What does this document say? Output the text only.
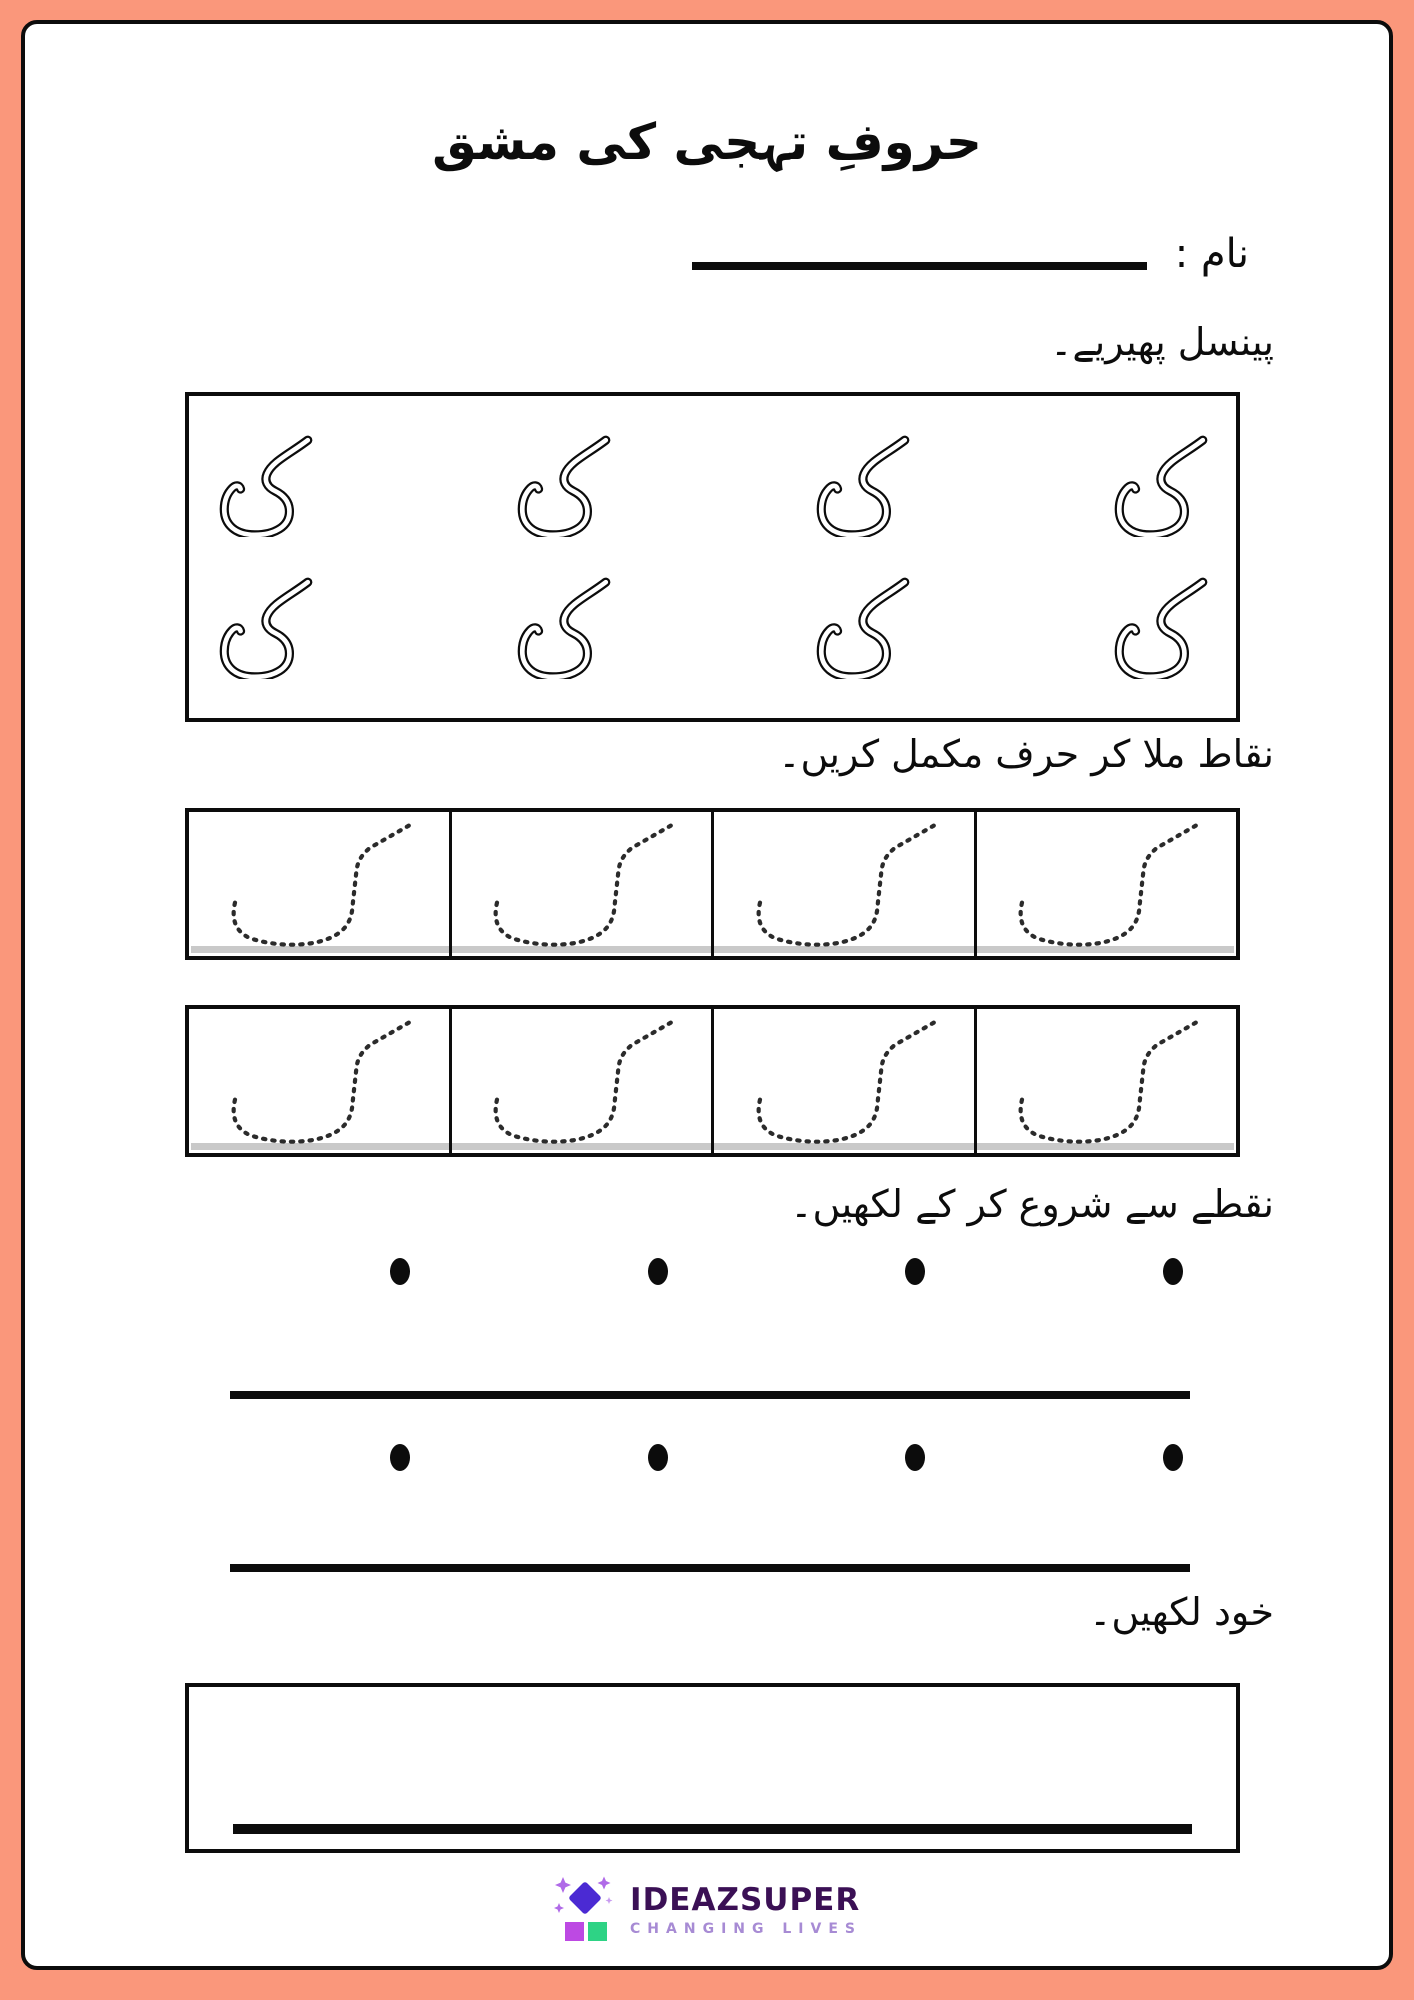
حروفِ تہجی کی مشق
نام :
پینسل پھیریے۔
نقاط ملا کر حرف مکمل کریں۔
نقطے سے شروع کر کے لکھیں۔
خود لکھیں۔
IDEAZSUPER
CHANGING LIVES
